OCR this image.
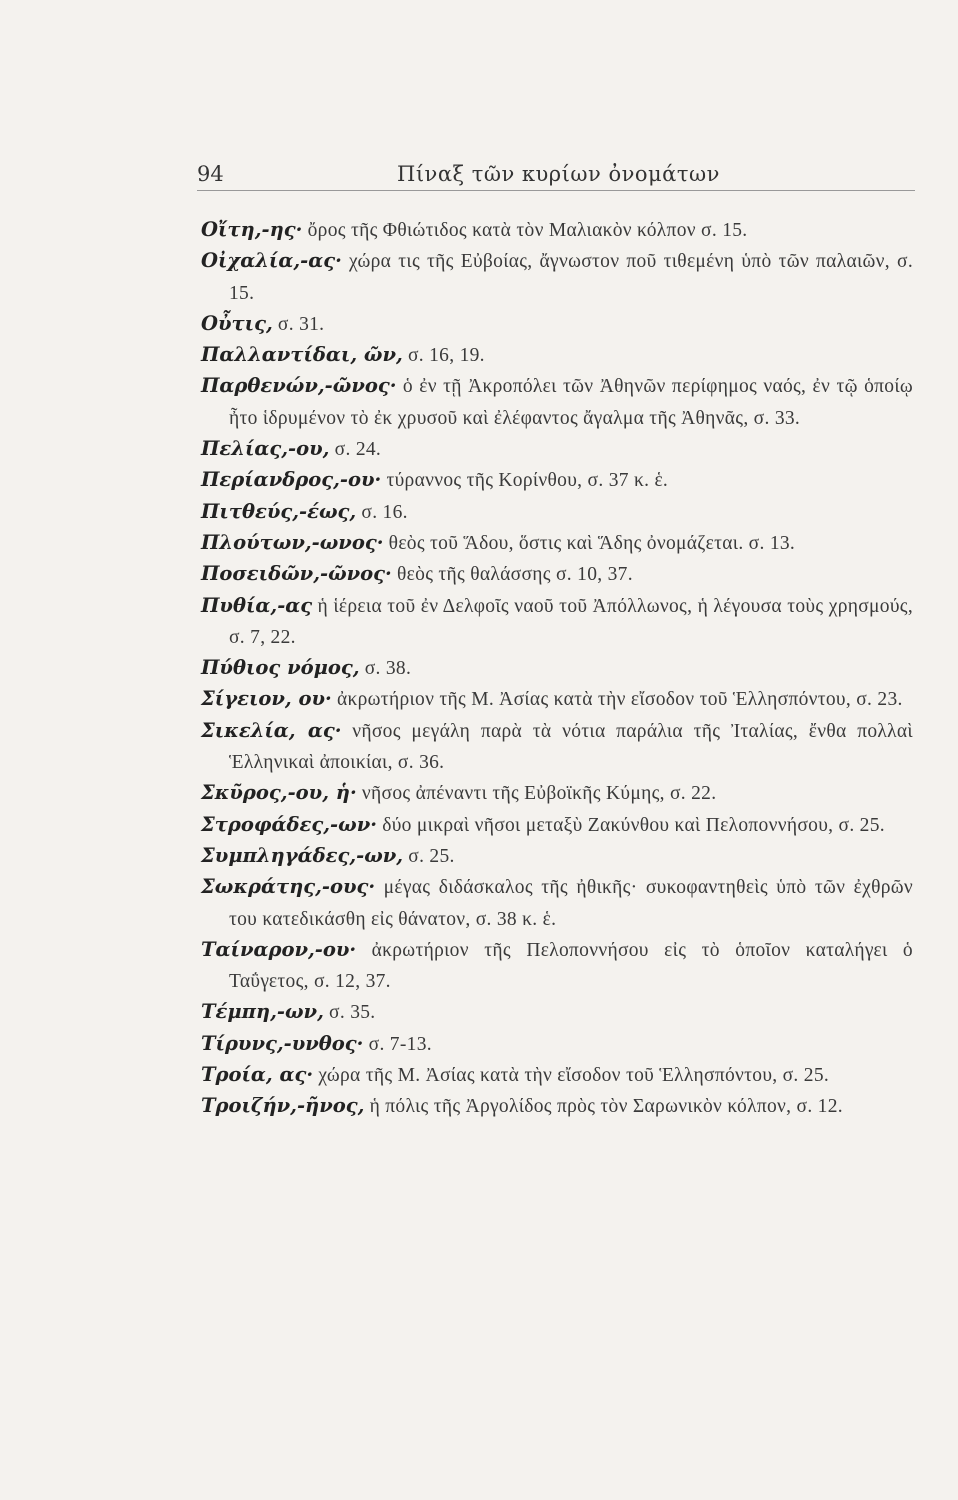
94	Πίναξ τῶν κυρίων ὀνομάτων

Οἴτη,-ης· ὄρος τῆς Φθιώτιδος κατὰ τὸν Μαλιακὸν κόλπον σ. 15.

Οἰχαλία,-ας· χώρα τις τῆς Εὐβοίας, ἄγνωστον ποῦ τιθεμένη ὑπὸ τῶν παλαιῶν, σ. 15.

Οὖτις, σ. 31.

Παλλαντίδαι, ῶν, σ. 16, 19.

Παρθενών,-ῶνος· ὁ ἐν τῇ Ἀκροπόλει τῶν Ἀθηνῶν περίφημος ναός, ἐν τῷ ὁποίῳ ἦτο ἱδρυμένον τὸ ἐκ χρυσοῦ καὶ ἐλέφαντος ἄγαλμα τῆς Ἀθηνᾶς, σ. 33.

Πελίας,-ου, σ. 24.

Περίανδρος,-ου· τύραννος τῆς Κορίνθου, σ. 37 κ. ἑ.

Πιτθεύς,-έως, σ. 16.

Πλούτων,-ωνος· θεὸς τοῦ Ἅδου, ὅστις καὶ Ἅδης ὀνομάζεται. σ. 13.

Ποσειδῶν,-ῶνος· θεὸς τῆς θαλάσσης σ. 10, 37.

Πυθία,-ας ἡ ἱέρεια τοῦ ἐν Δελφοῖς ναοῦ τοῦ Ἀπόλλωνος, ἡ λέγουσα τοὺς χρησμούς, σ. 7, 22.

Πύθιος νόμος, σ. 38.

Σίγειον, ου· ἀκρωτήριον τῆς Μ. Ἀσίας κατὰ τὴν εἴσοδον τοῦ Ἑλλησπόντου, σ. 23.

Σικελία, ας· νῆσος μεγάλη παρὰ τὰ νότια παράλια τῆς Ἰταλίας, ἔνθα πολλαὶ Ἑλληνικαὶ ἀποικίαι, σ. 36.

Σκῦρος,-ου, ἡ· νῆσος ἀπέναντι τῆς Εὐβοϊκῆς Κύμης, σ. 22.

Στροφάδες,-ων· δύο μικραὶ νῆσοι μεταξὺ Ζακύνθου καὶ Πελοποννήσου, σ. 25.

Συμπληγάδες,-ων, σ. 25.

Σωκράτης,-ους· μέγας διδάσκαλος τῆς ἠθικῆς· συκοφαντηθεὶς ὑπὸ τῶν ἐχθρῶν του κατεδικάσθη εἰς θάνατον, σ. 38 κ. ἑ.

Ταίναρον,-ου· ἀκρωτήριον τῆς Πελοποννήσου εἰς τὸ ὁποῖον καταλήγει ὁ Ταΰγετος, σ. 12, 37.

Τέμπη,-ων, σ. 35.

Τίρυνς,-υνθος· σ. 7-13.

Τροία, ας· χώρα τῆς Μ. Ἀσίας κατὰ τὴν εἴσοδον τοῦ Ἑλλησπόντου, σ. 25.

Τροιζήν,-ῆνος, ἡ πόλις τῆς Ἀργολίδος πρὸς τὸν Σαρωνικὸν κόλπον, σ. 12.
